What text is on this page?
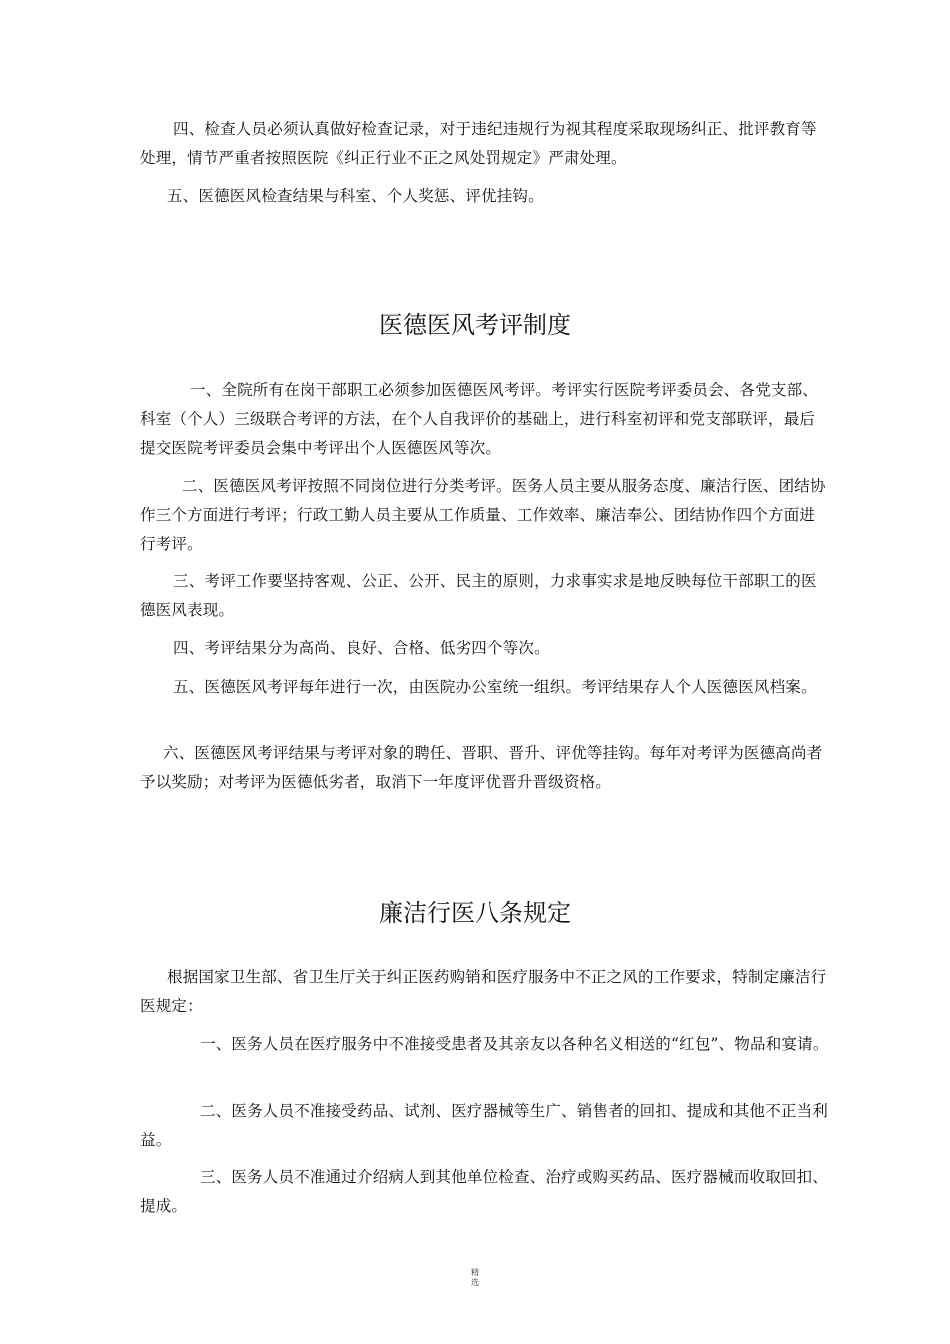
四、检查人员必须认真做好检查记录，对于违纪违规行为视其程度采取现场纠正、批评教育等处理，情节严重者按照医院《纠正行业不正之风处罚规定》严肃处理。

五、医德医风检查结果与科室、个人奖惩、评优挂钩。

医德医风考评制度

一、全院所有在岗干部职工必须参加医德医风考评。考评实行医院考评委员会、各党支部、科室（个人）三级联合考评的方法，在个人自我评价的基础上，进行科室初评和党支部联评，最后提交医院考评委员会集中考评出个人医德医风等次。

二、医德医风考评按照不同岗位进行分类考评。医务人员主要从服务态度、廉洁行医、团结协作三个方面进行考评；行政工勤人员主要从工作质量、工作效率、廉洁奉公、团结协作四个方面进行考评。

三、考评工作要坚持客观、公正、公开、民主的原则，力求事实求是地反映每位干部职工的医德医风表现。

四、考评结果分为高尚、良好、合格、低劣四个等次。

五、医德医风考评每年进行一次，由医院办公室统一组织。考评结果存人个人医德医风档案。

六、医德医风考评结果与考评对象的聘任、晋职、晋升、评优等挂钩。每年对考评为医德高尚者予以奖励；对考评为医德低劣者，取消下一年度评优晋升晋级资格。

廉洁行医八条规定

根据国家卫生部、省卫生厅关于纠正医药购销和医疗服务中不正之风的工作要求，特制定廉洁行医规定：

一、医务人员在医疗服务中不准接受患者及其亲友以各种名义相送的“红包”、物品和宴请。

二、医务人员不准接受药品、试剂、医疗器械等生广、销售者的回扣、提成和其他不正当利益。

三、医务人员不准通过介绍病人到其他单位检查、治疗或购买药品、医疗器械而收取回扣、提成。

精
选
